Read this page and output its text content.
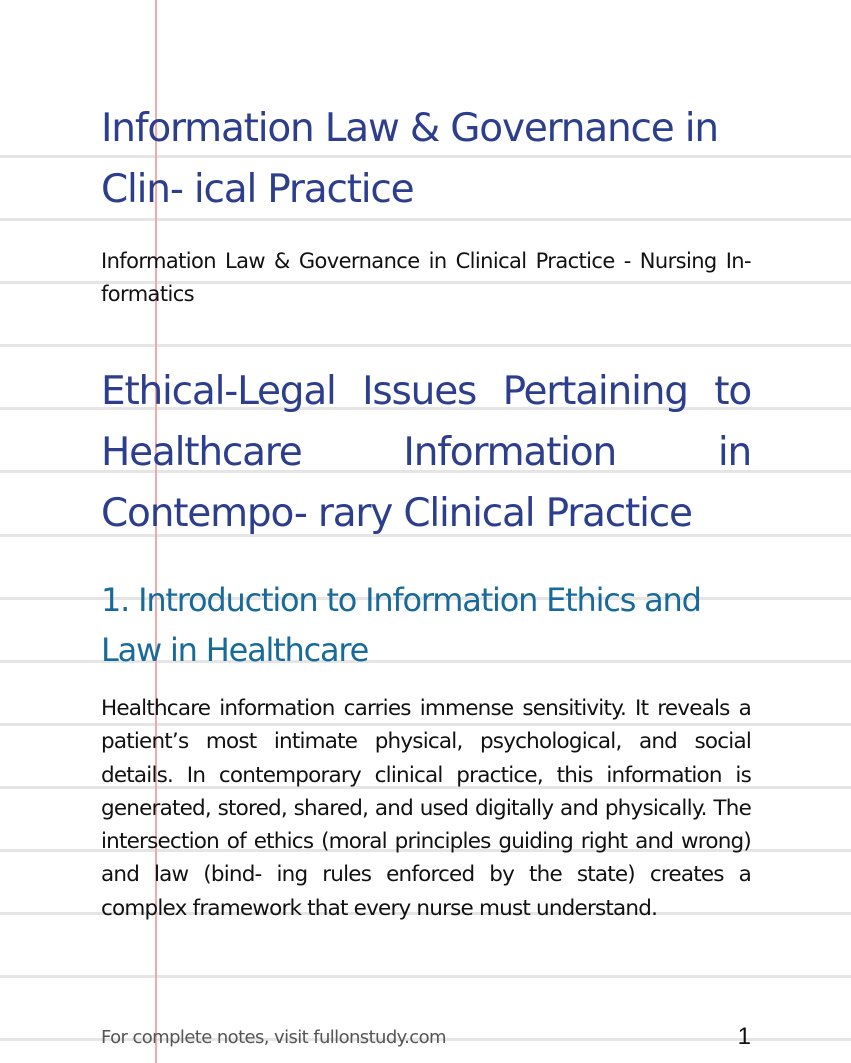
Information Law & Governance in Clin- ical Practice

Information Law & Governance in Clinical Practice - Nursing In- formatics

Ethical-Legal Issues Pertaining to Healthcare Information in Contempo- rary Clinical Practice
1. Introduction to Information Ethics and Law in Healthcare

Healthcare information carries immense sensitivity. It reveals a patient’s most intimate physical, psychological, and social details. In contemporary clinical practice, this information is generated, stored, shared, and used digitally and physically. The intersection of ethics (moral principles guiding right and wrong) and law (bind- ing rules enforced by the state) creates a complex framework that every nurse must understand.

For complete notes, visit fullonstudy.com	1
